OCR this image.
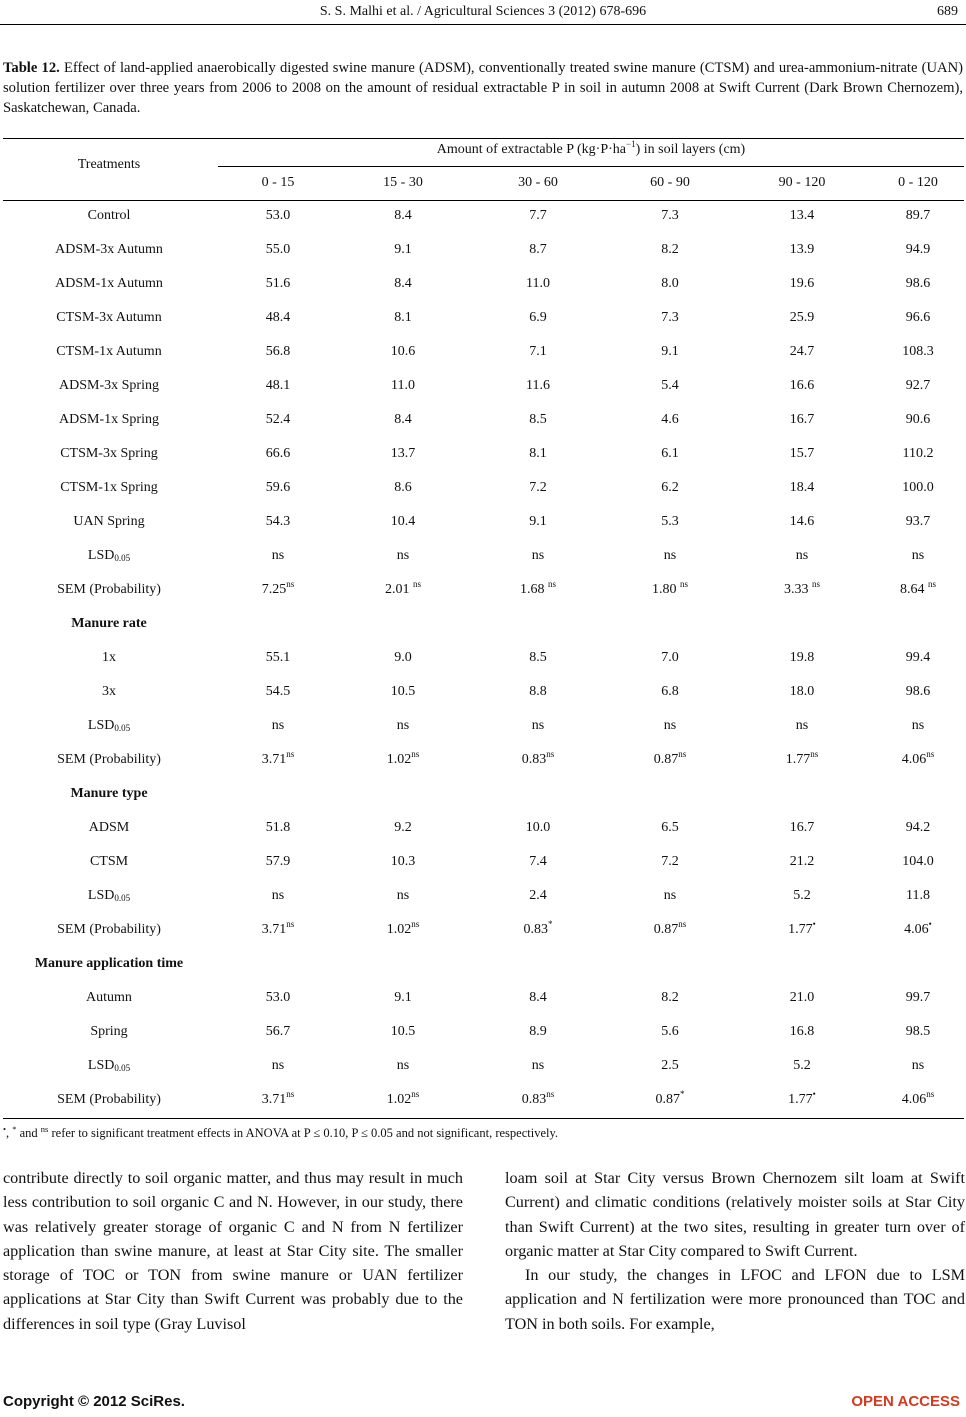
S. S. Malhi et al. / Agricultural Sciences 3 (2012) 678-696	689
Table 12. Effect of land-applied anaerobically digested swine manure (ADSM), conventionally treated swine manure (CTSM) and urea-ammonium-nitrate (UAN) solution fertilizer over three years from 2006 to 2008 on the amount of residual extractable P in soil in autumn 2008 at Swift Current (Dark Brown Chernozem), Saskatchewan, Canada.
Treatments
Amount of extractable P $(kg\cdot P\cdot ha^{-1})$ in soil layers (cm)
0 - 15	15 - 30	30 - 60	60 - 90	90 - 120	0 - 120
Control	53.0	8.4	7.7	7.3	13.4	89.7
ADSM-3x Autumn	55.0	9.1	8.7	8.2	13.9	94.9
ADSM-1x Autumn	51.6	8.4	11.0	8.0	19.6	98.6
CTSM-3x Autumn	48.4	8.1	6.9	7.3	25.9	96.6
CTSM-1x Autumn	56.8	10.6	7.1	9.1	24.7	108.3
ADSM-3x Spring	48.1	11.0	11.6	5.4	16.6	92.7
ADSM-1x Spring	52.4	8.4	8.5	4.6	16.7	90.6
CTSM-3x Spring	66.6	13.7	8.1	6.1	15.7	110.2
CTSM-1x Spring	59.6	8.6	7.2	6.2	18.4	100.0
UAN Spring	54.3	10.4	9.1	5.3	14.6	93.7
$LSD_{0.05}$	ns	ns	ns	ns	ns	ns
SEM (Probability)	$7.25^{ns}$	2.01 $^{ns}$	1.68 $^{ns}$	1.80 $^{ns}$	3.33 $^{ns}$	8.64 $^{ns}$
Manure rate
1x	55.1	9.0	8.5	7.0	19.8	99.4
3x	54.5	10.5	8.8	6.8	18.0	98.6
$LSD_{0.05}$	ns	ns	ns	ns	ns	ns
SEM (Probability)	$3.71^{ns}$	$1.02^{ns}$	$0.83^{ns}$	$0.87^{ns}$	$1.77^{ns}$	$4.06^{ns}$
Manure type
ADSM	51.8	9.2	10.0	6.5	16.7	94.2
CTSM	57.9	10.3	7.4	7.2	21.2	104.0
$LSD_{0.05}$	ns	ns	2.4	ns	5.2	11.8
SEM (Probability)	$3.71^{ns}$	$1.02^{ns}$	0.83*	$0.87^{ns}$	1.77•	4.06•
Manure application time
Autumn	53.0	9.1	8.4	8.2	21.0	99.7
Spring	56.7	10.5	8.9	5.6	16.8	98.5
$LSD_{0.05}$	ns	ns	ns	2.5	5.2	ns
SEM (Probability)	$3.71^{ns}$	$1.02^{ns}$	$0.83^{ns}$	0.87*	1.77•	$4.06^{ns}$
•, * and $^{ns}$ refer to significant treatment effects in ANOVA at P ≤ 0.10, P ≤ 0.05 and not significant, respectively.

contribute directly to soil organic matter, and thus may result in much less contribution to soil organic C and N. However, in our study, there was relatively greater storage of organic C and N from N fertilizer application than swine manure, at least at Star City site. The smaller storage of TOC or TON from swine manure or UAN fertilizer applications at Star City than Swift Current was probably due to the differences in soil type (Gray Luvisol

loam soil at Star City versus Brown Chernozem silt loam at Swift Current) and climatic conditions (relatively moister soils at Star City than Swift Current) at the two sites, resulting in greater turn over of organic matter at Star City compared to Swift Current.

In our study, the changes in LFOC and LFON due to LSM application and N fertilization were more pronounced than TOC and TON in both soils. For example,

Copyright © 2012 SciRes.	OPEN ACCESS
